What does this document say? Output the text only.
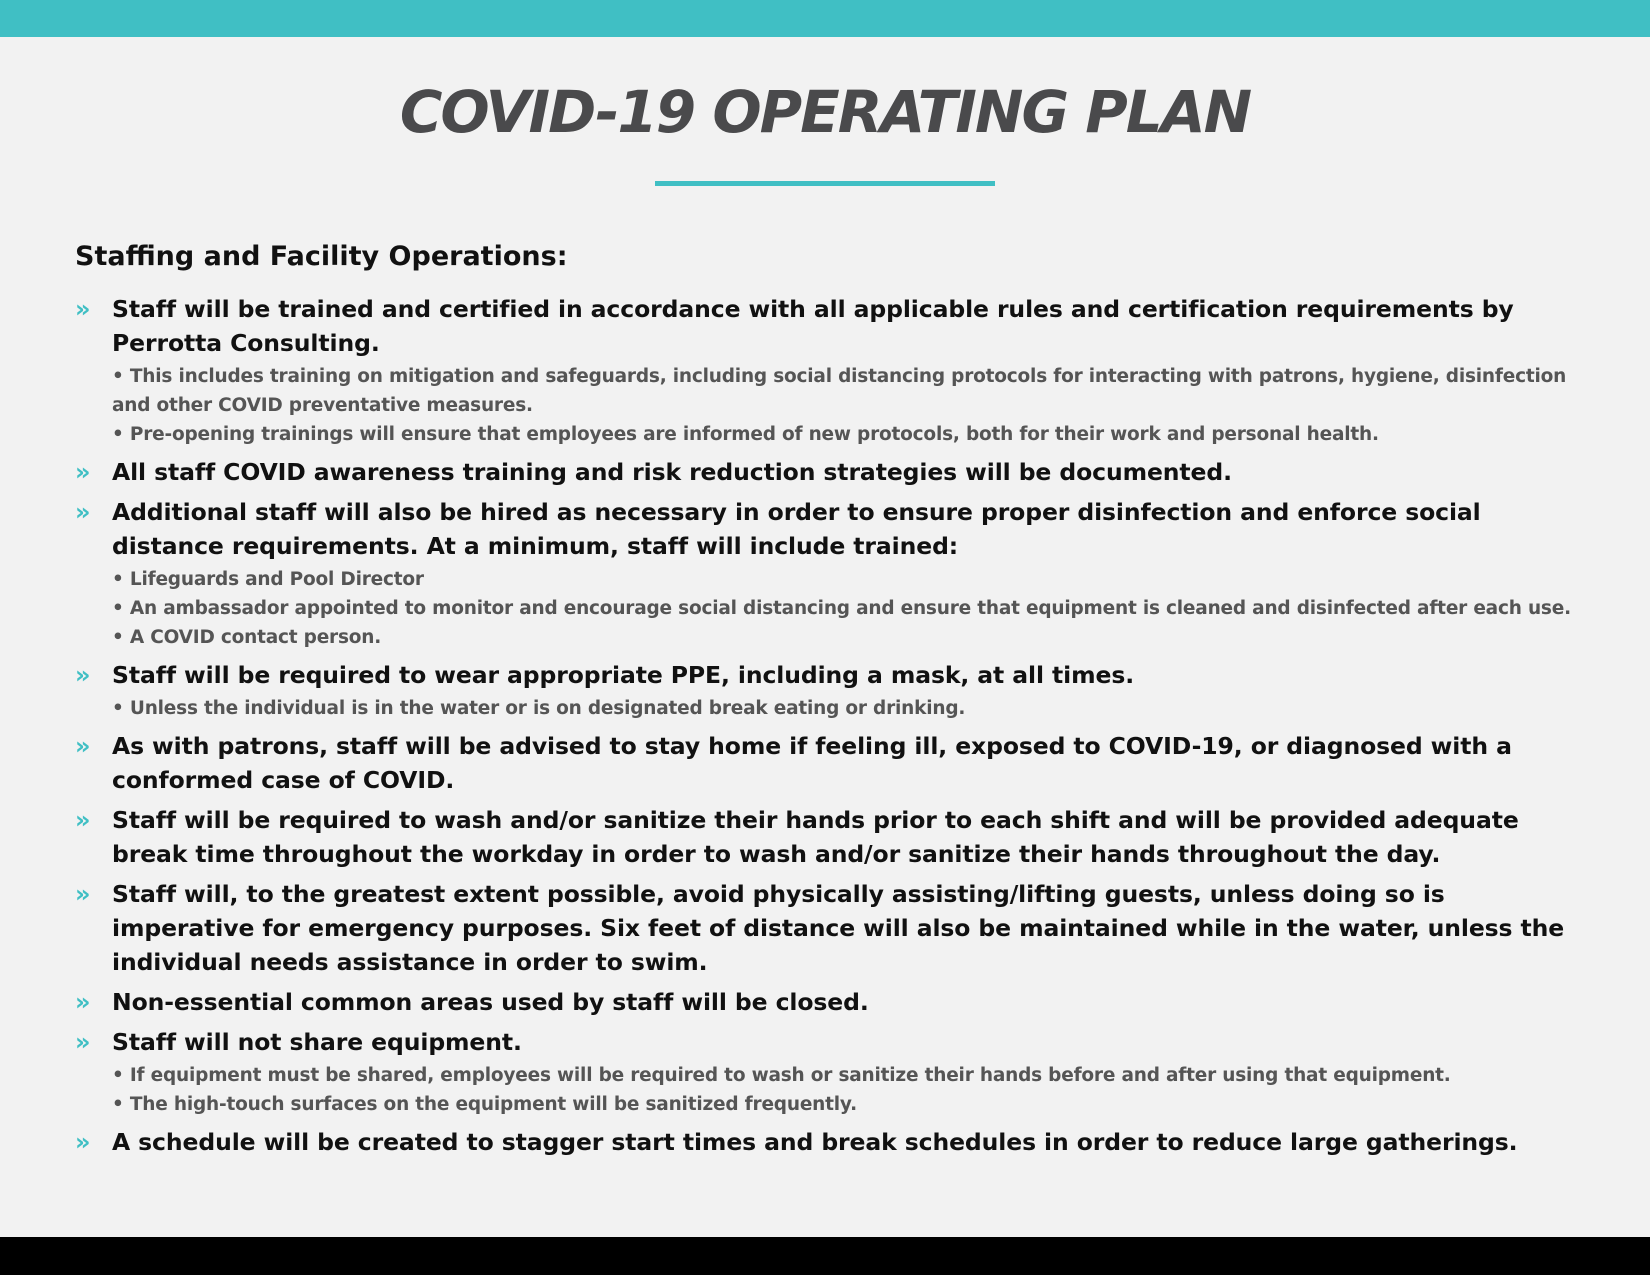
COVID-19 OPERATING PLAN
Staffing and Facility Operations:
» Staff will be trained and certified in accordance with all applicable rules and certification requirements by Perrotta Consulting.
• This includes training on mitigation and safeguards, including social distancing protocols for interacting with patrons, hygiene, disinfection and other COVID preventative measures.
• Pre-opening trainings will ensure that employees are informed of new protocols, both for their work and personal health.
» All staff COVID awareness training and risk reduction strategies will be documented.
» Additional staff will also be hired as necessary in order to ensure proper disinfection and enforce social distance requirements. At a minimum, staff will include trained:
• Lifeguards and Pool Director
• An ambassador appointed to monitor and encourage social distancing and ensure that equipment is cleaned and disinfected after each use.
• A COVID contact person.
» Staff will be required to wear appropriate PPE, including a mask, at all times.
• Unless the individual is in the water or is on designated break eating or drinking.
» As with patrons, staff will be advised to stay home if feeling ill, exposed to COVID-19, or diagnosed with a conformed case of COVID.
» Staff will be required to wash and/or sanitize their hands prior to each shift and will be provided adequate break time throughout the workday in order to wash and/or sanitize their hands throughout the day.
» Staff will, to the greatest extent possible, avoid physically assisting/lifting guests, unless doing so is imperative for emergency purposes. Six feet of distance will also be maintained while in the water, unless the individual needs assistance in order to swim.
» Non-essential common areas used by staff will be closed.
» Staff will not share equipment.
• If equipment must be shared, employees will be required to wash or sanitize their hands before and after using that equipment.
• The high-touch surfaces on the equipment will be sanitized frequently.
» A schedule will be created to stagger start times and break schedules in order to reduce large gatherings.
